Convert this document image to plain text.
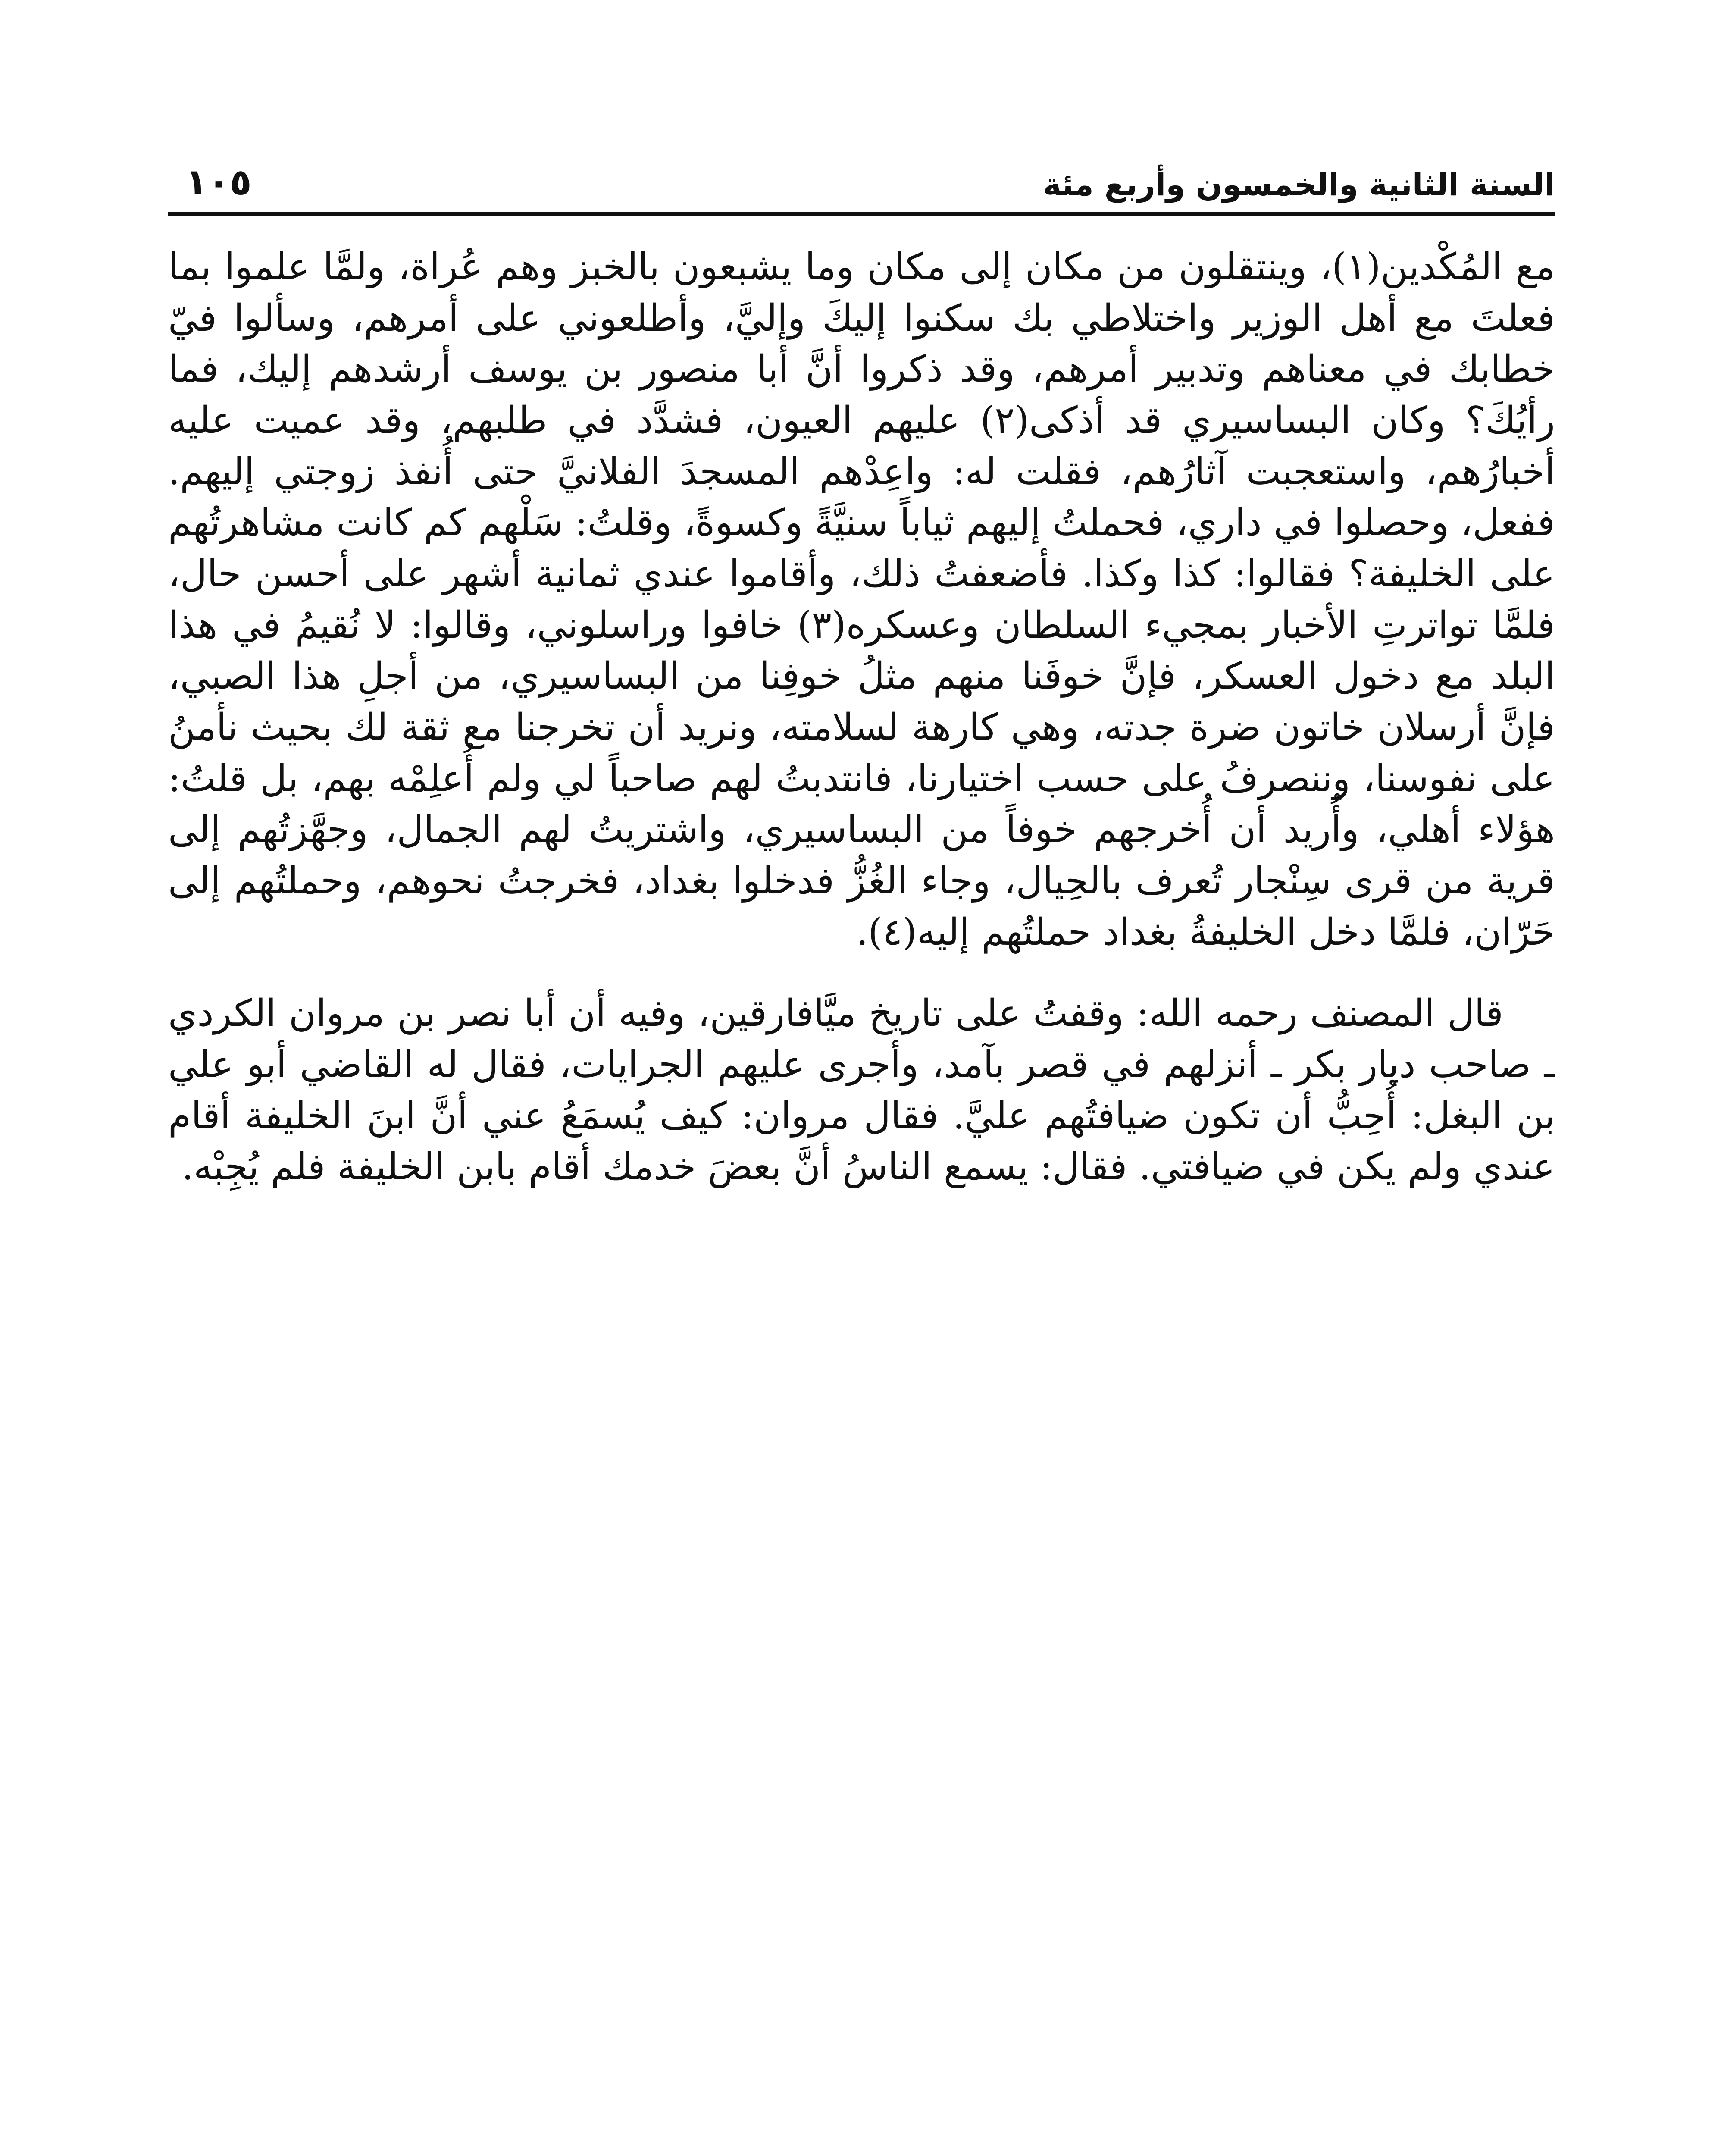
السنة الثانية والخمسون وأربع مئة
١٠٥

مع المُكْدين(١)، وينتقلون من مكان إلى مكان وما يشبعون بالخبز وهم عُراة، ولمَّا علموا بما فعلتَ مع أهل الوزير واختلاطي بك سكنوا إليكَ وإليَّ، وأطلعوني على أمرهم، وسألوا فيّ خطابك في معناهم وتدبير أمرهم، وقد ذكروا أنَّ أبا منصور بن يوسف أرشدهم إليك، فما رأيُكَ؟ وكان البساسيري قد أذكى(٢) عليهم العيون، فشدَّد في طلبهم، وقد عميت عليه أخبارُهم، واستعجبت آثارُهم، فقلت له: واعِدْهم المسجدَ الفلانيَّ حتى أُنفذ زوجتي إليهم. ففعل، وحصلوا في داري، فحملتُ إليهم ثياباً سنيَّةً وكسوةً، وقلتُ: سَلْهم كم كانت مشاهرتُهم على الخليفة؟ فقالوا: كذا وكذا. فأضعفتُ ذلك، وأقاموا عندي ثمانية أشهر على أحسن حال، فلمَّا تواترتِ الأخبار بمجيء السلطان وعسكره(٣) خافوا وراسلوني، وقالوا: لا نُقيمُ في هذا البلد مع دخول العسكر، فإنَّ خوفَنا منهم مثلُ خوفِنا من البساسيري، من أجلِ هذا الصبي، فإنَّ أرسلان خاتون ضرة جدته، وهي كارهة لسلامته، ونريد أن تخرجنا مع ثقة لك بحيث نأمنُ على نفوسنا، وننصرفُ على حسب اختيارنا، فانتدبتُ لهم صاحباً لي ولم أُعلِمْه بهم، بل قلتُ: هؤلاء أهلي، وأُريد أن أُخرجهم خوفاً من البساسيري، واشتريتُ لهم الجمال، وجهَّزتُهم إلى قرية من قرى سِنْجار تُعرف بالحِيال، وجاء الغُزُّ فدخلوا بغداد، فخرجتُ نحوهم، وحملتُهم إلى حَرّان، فلمَّا دخل الخليفةُ بغداد حملتُهم إليه(٤).

قال المصنف رحمه الله: وقفتُ على تاريخ ميَّافارقين، وفيه أن أبا نصر بن مروان الكردي ـ صاحب ديار بكر ـ أنزلهم في قصر بآمد، وأجرى عليهم الجرايات، فقال له القاضي أبو علي بن البغل: أُحِبُّ أن تكون ضيافتُهم عليَّ. فقال مروان: كيف يُسمَعُ عني أنَّ ابنَ الخليفة أقام عندي ولم يكن في ضيافتي. فقال: يسمع الناسُ أنَّ بعضَ خدمك أقام بابن الخليفة فلم يُجِبْه.
